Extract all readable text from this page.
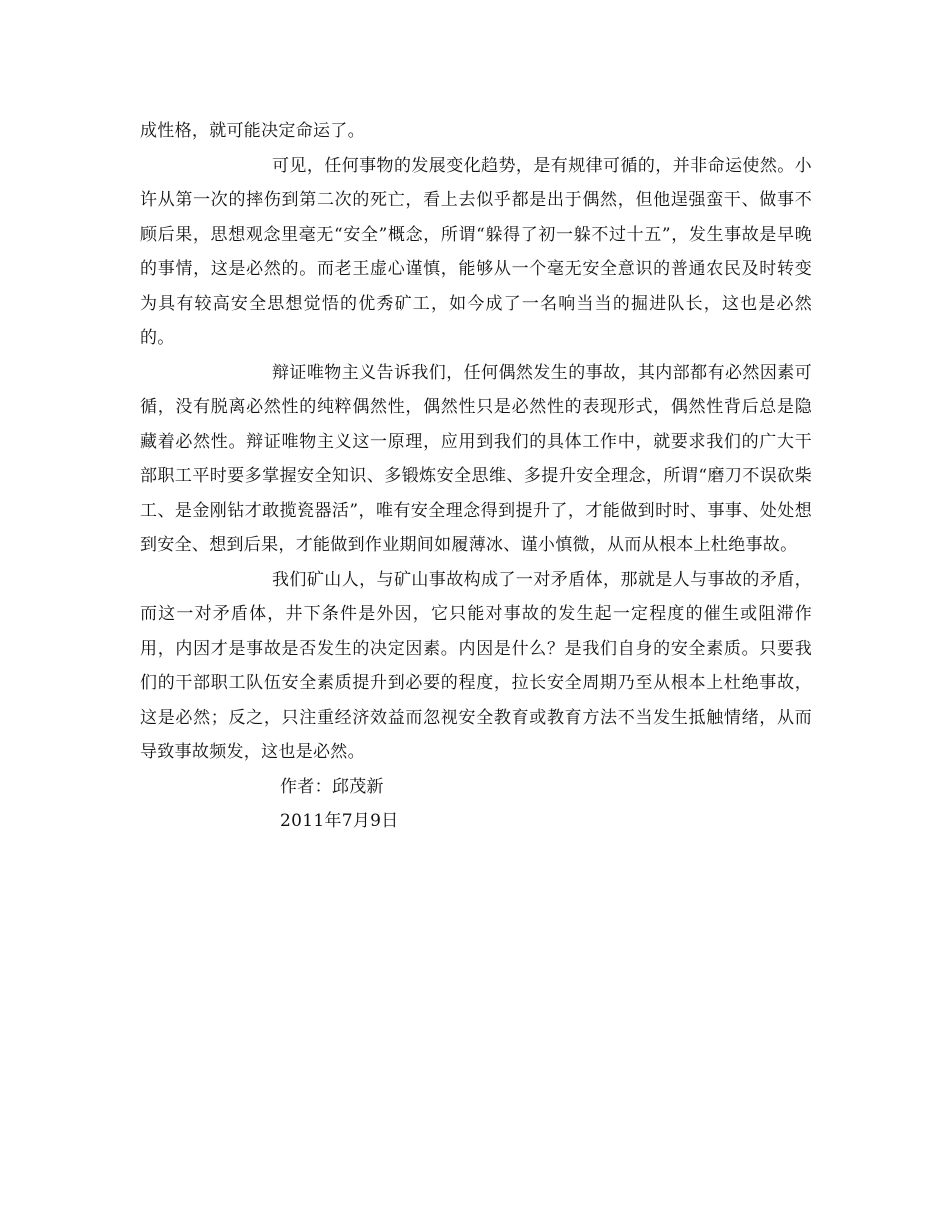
成性格，就可能决定命运了。

可见，任何事物的发展变化趋势，是有规律可循的，并非命运使然。小许从第一次的摔伤到第二次的死亡，看上去似乎都是出于偶然，但他逞强蛮干、做事不顾后果，思想观念里毫无“安全”概念，所谓“躲得了初一躲不过十五”，发生事故是早晚的事情，这是必然的。而老王虚心谨慎，能够从一个毫无安全意识的普通农民及时转变为具有较高安全思想觉悟的优秀矿工，如今成了一名响当当的掘进队长，这也是必然的。

辩证唯物主义告诉我们，任何偶然发生的事故，其内部都有必然因素可循，没有脱离必然性的纯粹偶然性，偶然性只是必然性的表现形式，偶然性背后总是隐藏着必然性。辩证唯物主义这一原理，应用到我们的具体工作中，就要求我们的广大干部职工平时要多掌握安全知识、多锻炼安全思维、多提升安全理念，所谓“磨刀不误砍柴工、是金刚钻才敢揽瓷器活”，唯有安全理念得到提升了，才能做到时时、事事、处处想到安全、想到后果，才能做到作业期间如履薄冰、谨小慎微，从而从根本上杜绝事故。

我们矿山人，与矿山事故构成了一对矛盾体，那就是人与事故的矛盾，而这一对矛盾体，井下条件是外因，它只能对事故的发生起一定程度的催生或阻滞作用，内因才是事故是否发生的决定因素。内因是什么？是我们自身的安全素质。只要我们的干部职工队伍安全素质提升到必要的程度，拉长安全周期乃至从根本上杜绝事故，这是必然；反之，只注重经济效益而忽视安全教育或教育方法不当发生抵触情绪，从而导致事故频发，这也是必然。

作者：邱茂新

2011年7月9日
